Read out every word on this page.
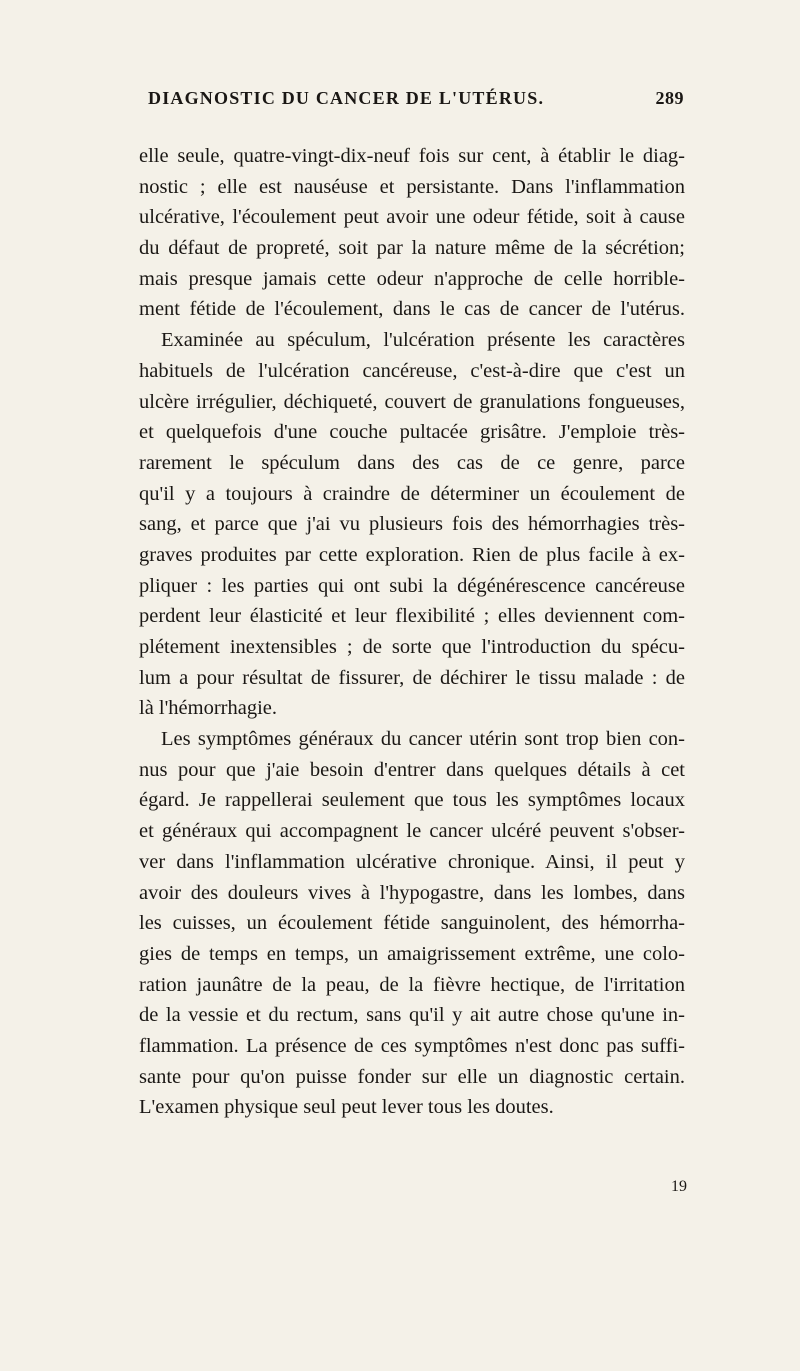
DIAGNOSTIC DU CANCER DE L'UTÉRUS.	289
elle seule, quatre-vingt-dix-neuf fois sur cent, à établir le diag-
nostic ; elle est nauséuse et persistante. Dans l'inflammation
ulcérative, l'écoulement peut avoir une odeur fétide, soit à cause
du défaut de propreté, soit par la nature même de la sécrétion;
mais presque jamais cette odeur n'approche de celle horrible-
ment fétide de l'écoulement, dans le cas de cancer de l'utérus.
Examinée au spéculum, l'ulcération présente les caractères
habituels de l'ulcération cancéreuse, c'est-à-dire que c'est un
ulcère irrégulier, déchiqueté, couvert de granulations fongueuses,
et quelquefois d'une couche pultacée grisâtre. J'emploie très-
rarement le spéculum dans des cas de ce genre, parce
qu'il y a toujours à craindre de déterminer un écoulement de
sang, et parce que j'ai vu plusieurs fois des hémorrhagies très-
graves produites par cette exploration. Rien de plus facile à ex-
pliquer : les parties qui ont subi la dégénérescence cancéreuse
perdent leur élasticité et leur flexibilité ; elles deviennent com-
plétement inextensibles ; de sorte que l'introduction du spécu-
lum a pour résultat de fissurer, de déchirer le tissu malade : de
là l'hémorrhagie.
Les symptômes généraux du cancer utérin sont trop bien con-
nus pour que j'aie besoin d'entrer dans quelques détails à cet
égard. Je rappellerai seulement que tous les symptômes locaux
et généraux qui accompagnent le cancer ulcéré peuvent s'obser-
ver dans l'inflammation ulcérative chronique. Ainsi, il peut y
avoir des douleurs vives à l'hypogastre, dans les lombes, dans
les cuisses, un écoulement fétide sanguinolent, des hémorrha-
gies de temps en temps, un amaigrissement extrême, une colo-
ration jaunâtre de la peau, de la fièvre hectique, de l'irritation
de la vessie et du rectum, sans qu'il y ait autre chose qu'une in-
flammation. La présence de ces symptômes n'est donc pas suffi-
sante pour qu'on puisse fonder sur elle un diagnostic certain.
L'examen physique seul peut lever tous les doutes.
19
